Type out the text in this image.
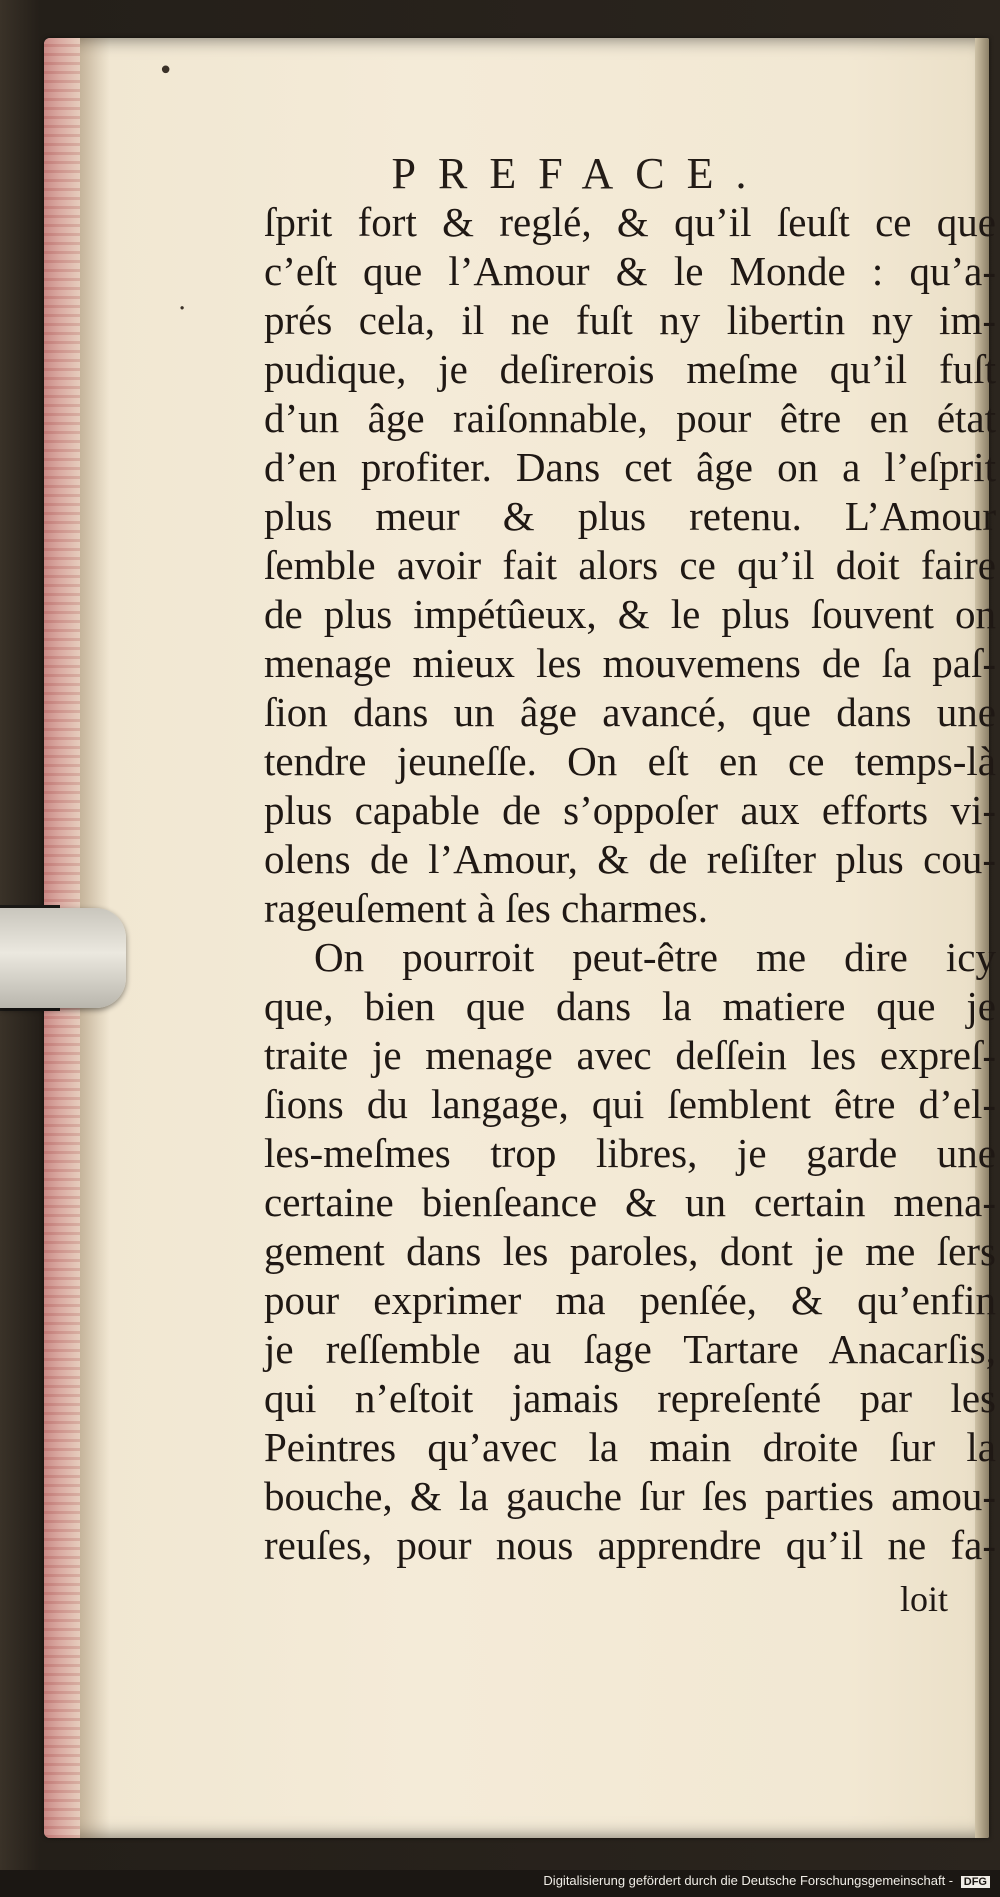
•
·
PREFACE.
ſprit fort & reglé, & qu’il ſeuſt ce que
c’eſt que l’Amour & le Monde : qu’a-
prés cela, il ne fuſt ny libertin ny im-
pudique, je deſirerois meſme qu’il fuſt
d’un âge raiſonnable, pour être en état
d’en profiter. Dans cet âge on a l’eſprit
plus meur & plus retenu. L’Amour
ſemble avoir fait alors ce qu’il doit faire
de plus impétûeux, & le plus ſouvent on
menage mieux les mouvemens de ſa paſ-
ſion dans un âge avancé, que dans une
tendre jeuneſſe. On eſt en ce temps-là
plus capable de s’oppoſer aux efforts vi-
olens de l’Amour, & de reſiſter plus cou-
rageuſement à ſes charmes.
On pourroit peut-être me dire icy
que, bien que dans la matiere que je
traite je menage avec deſſein les expreſ-
ſions du langage, qui ſemblent être d’el-
les-meſmes trop libres, je garde une
certaine bienſeance & un certain mena-
gement dans les paroles, dont je me ſers
pour exprimer ma penſée, & qu’enfin
je reſſemble au ſage Tartare Anacarſis,
qui n’eſtoit jamais repreſenté par les
Peintres qu’avec la main droite ſur la
bouche, & la gauche ſur ſes parties amou-
reuſes, pour nous apprendre qu’il ne fa-
loit
Digitalisierung gefördert durch die Deutsche Forschungsgemeinschaft - DFG
